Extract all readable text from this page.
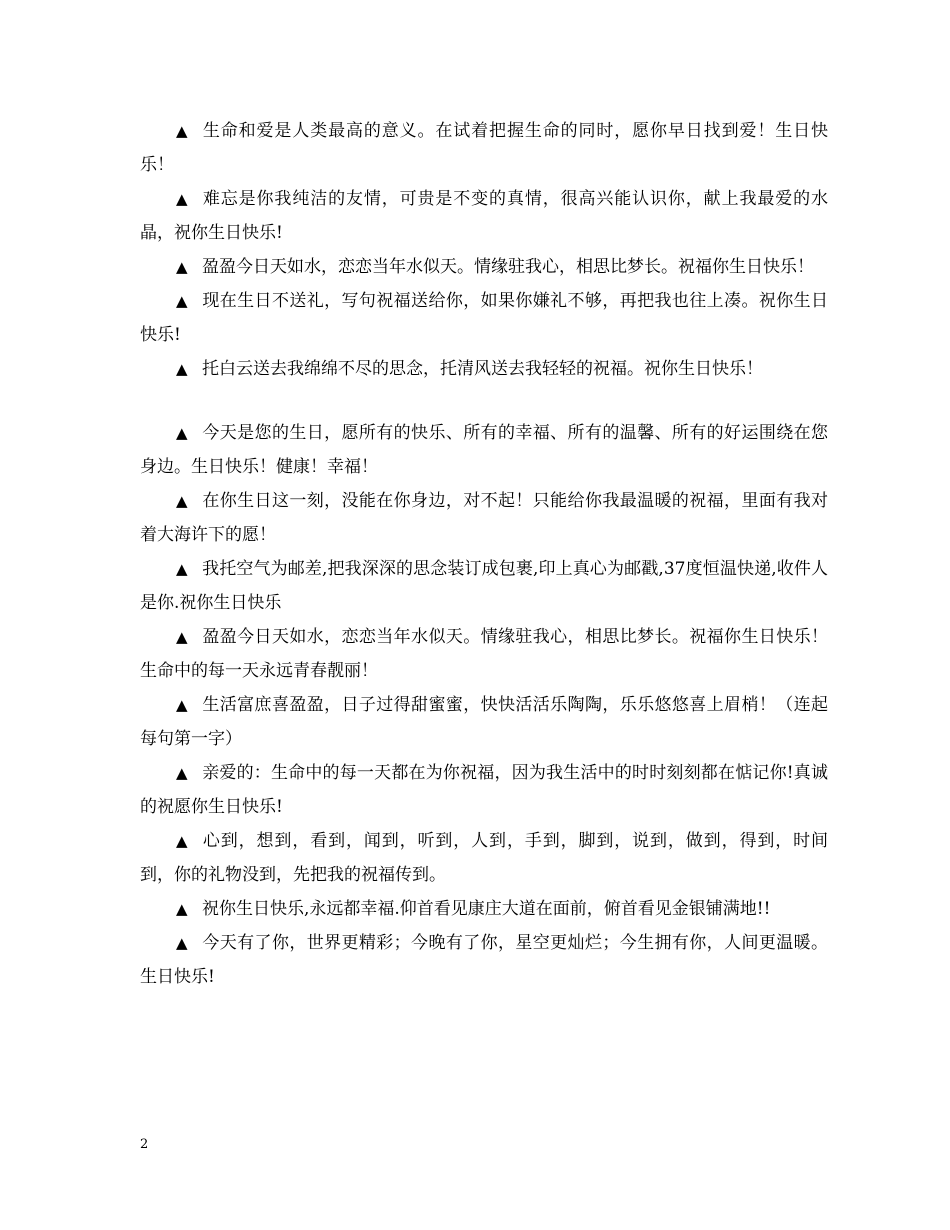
▲ 生命和爱是人类最高的意义。在试着把握生命的同时，愿你早日找到爱！生日快乐！

▲ 难忘是你我纯洁的友情，可贵是不变的真情，很高兴能认识你，献上我最爱的水晶，祝你生日快乐!

▲ 盈盈今日天如水，恋恋当年水似天。情缘驻我心，相思比梦长。祝福你生日快乐！

▲ 现在生日不送礼，写句祝福送给你，如果你嫌礼不够，再把我也往上凑。祝你生日快乐!

▲ 托白云送去我绵绵不尽的思念，托清风送去我轻轻的祝福。祝你生日快乐！

▲ 今天是您的生日，愿所有的快乐、所有的幸福、所有的温馨、所有的好运围绕在您身边。生日快乐！健康！幸福！

▲ 在你生日这一刻，没能在你身边，对不起！只能给你我最温暖的祝福，里面有我对着大海许下的愿！

▲ 我托空气为邮差,把我深深的思念装订成包裹,印上真心为邮戳,37度恒温快递,收件人是你.祝你生日快乐

▲ 盈盈今日天如水，恋恋当年水似天。情缘驻我心，相思比梦长。祝福你生日快乐！生命中的每一天永远青春靓丽！

▲ 生活富庶喜盈盈，日子过得甜蜜蜜，快快活活乐陶陶，乐乐悠悠喜上眉梢！（连起每句第一字）

▲ 亲爱的：生命中的每一天都在为你祝福，因为我生活中的时时刻刻都在惦记你!真诚的祝愿你生日快乐!

▲ 心到，想到，看到，闻到，听到，人到，手到，脚到，说到，做到，得到，时间到，你的礼物没到，先把我的祝福传到。

▲ 祝你生日快乐,永远都幸福.仰首看见康庄大道在面前，俯首看见金银铺满地!!

▲ 今天有了你，世界更精彩；今晚有了你，星空更灿烂；今生拥有你，人间更温暖。生日快乐!

2
